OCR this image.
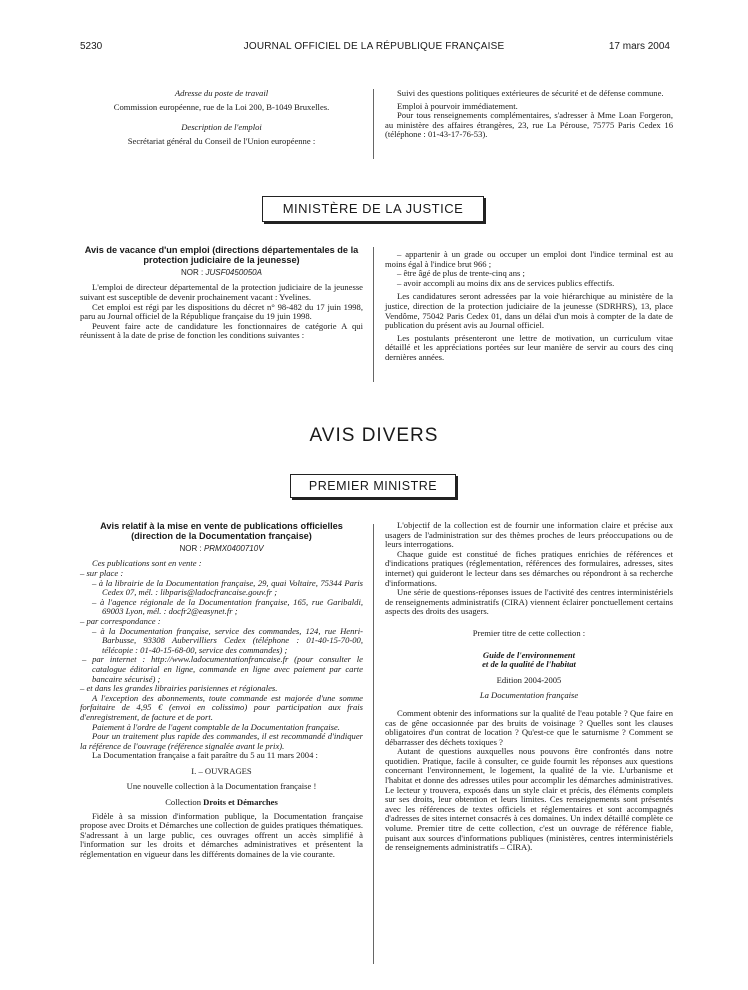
5230	JOURNAL OFFICIEL DE LA RÉPUBLIQUE FRANÇAISE	17 mars 2004

Adresse du poste de travail

Commission européenne, rue de la Loi 200, B-1049 Bruxelles.

Description de l'emploi

Secrétariat général du Conseil de l'Union européenne :

Suivi des questions politiques extérieures de sécurité et de défense commune.

Emploi à pourvoir immédiatement.

Pour tous renseignements complémentaires, s'adresser à Mme Loan Forgeron, au ministère des affaires étrangères, 23, rue La Pérouse, 75775 Paris Cedex 16 (téléphone : 01-43-17-76-53).

MINISTÈRE DE LA JUSTICE

Avis de vacance d'un emploi (directions départementales de la protection judiciaire de la jeunesse)

NOR : JUSF0450050A

L'emploi de directeur départemental de la protection judiciaire de la jeunesse suivant est susceptible de devenir prochainement vacant : Yvelines.

Cet emploi est régi par les dispositions du décret n° 98-482 du 17 juin 1998, paru au Journal officiel de la République française du 19 juin 1998.

Peuvent faire acte de candidature les fonctionnaires de catégorie A qui réunissent à la date de prise de fonction les conditions suivantes :

– appartenir à un grade ou occuper un emploi dont l'indice terminal est au moins égal à l'indice brut 966 ;

– être âgé de plus de trente-cinq ans ;

– avoir accompli au moins dix ans de services publics effectifs.

Les candidatures seront adressées par la voie hiérarchique au ministère de la justice, direction de la protection judiciaire de la jeunesse (SDRHRS), 13, place Vendôme, 75042 Paris Cedex 01, dans un délai d'un mois à compter de la date de publication du présent avis au Journal officiel.

Les postulants présenteront une lettre de motivation, un curriculum vitae détaillé et les appréciations portées sur leur manière de servir au cours des cinq dernières années.

AVIS DIVERS
PREMIER MINISTRE

Avis relatif à la mise en vente de publications officielles (direction de la Documentation française)

NOR : PRMX0400710V

Ces publications sont en vente :

– sur place :

– à la librairie de la Documentation française, 29, quai Voltaire, 75344 Paris Cedex 07, mél. : libparis@ladocfrancaise.gouv.fr ;

– à l'agence régionale de la Documentation française, 165, rue Garibaldi, 69003 Lyon, mél. : docfr2@easynet.fr ;

– par correspondance :

– à la Documentation française, service des commandes, 124, rue Henri-Barbusse, 93308 Aubervilliers Cedex (téléphone : 01-40-15-70-00, télécopie : 01-40-15-68-00, service des commandes) ;

– par internet : http://www.ladocumentationfrancaise.fr (pour consulter le catalogue éditorial en ligne, commande en ligne avec paiement par carte bancaire sécurisé) ;

– et dans les grandes librairies parisiennes et régionales.

A l'exception des abonnements, toute commande est majorée d'une somme forfaitaire de 4,95 € (envoi en colissimo) pour participation aux frais d'enregistrement, de facture et de port.

Paiement à l'ordre de l'agent comptable de la Documentation française.

Pour un traitement plus rapide des commandes, il est recommandé d'indiquer la référence de l'ouvrage (référence signalée avant le prix).

La Documentation française a fait paraître du 5 au 11 mars 2004 :

I. – OUVRAGES

Une nouvelle collection à la Documentation française !

Collection Droits et Démarches

Fidèle à sa mission d'information publique, la Documentation française propose avec Droits et Démarches une collection de guides pratiques thématiques. S'adressant à un large public, ces ouvrages offrent un accès simplifié à l'information sur les droits et démarches administratives et présentent la réglementation en vigueur dans les différents domaines de la vie courante.

L'objectif de la collection est de fournir une information claire et précise aux usagers de l'administration sur des thèmes proches de leurs préoccupations ou de leurs interrogations.

Chaque guide est constitué de fiches pratiques enrichies de références et d'indications pratiques (réglementation, références des formulaires, adresses, sites internet) qui guideront le lecteur dans ses démarches ou répondront à sa recherche d'informations.

Une série de questions-réponses issues de l'activité des centres interministériels de renseignements administratifs (CIRA) viennent éclairer ponctuellement certains aspects des droits des usagers.

Premier titre de cette collection :

Guide de l'environnement

et de la qualité de l'habitat

Edition 2004-2005

La Documentation française

Comment obtenir des informations sur la qualité de l'eau potable ? Que faire en cas de gêne occasionnée par des bruits de voisinage ? Quelles sont les clauses obligatoires d'un contrat de location ? Qu'est-ce que le saturnisme ? Comment se débarrasser des déchets toxiques ?

Autant de questions auxquelles nous pouvons être confrontés dans notre quotidien. Pratique, facile à consulter, ce guide fournit les réponses aux questions concernant l'environnement, le logement, la qualité de la vie. L'urbanisme et l'habitat et donne des adresses utiles pour accomplir les démarches administratives. Le lecteur y trouvera, exposés dans un style clair et précis, des éléments complets sur ses droits, leur obtention et leurs limites. Ces renseignements sont présentés avec les références de textes officiels et réglementaires et sont accompagnés d'adresses de sites internet consacrés à ces domaines. Un index détaillé complète ce volume. Premier titre de cette collection, c'est un ouvrage de référence fiable, puisant aux sources d'informations publiques (ministères, centres interministériels de renseignements administratifs – CIRA).
